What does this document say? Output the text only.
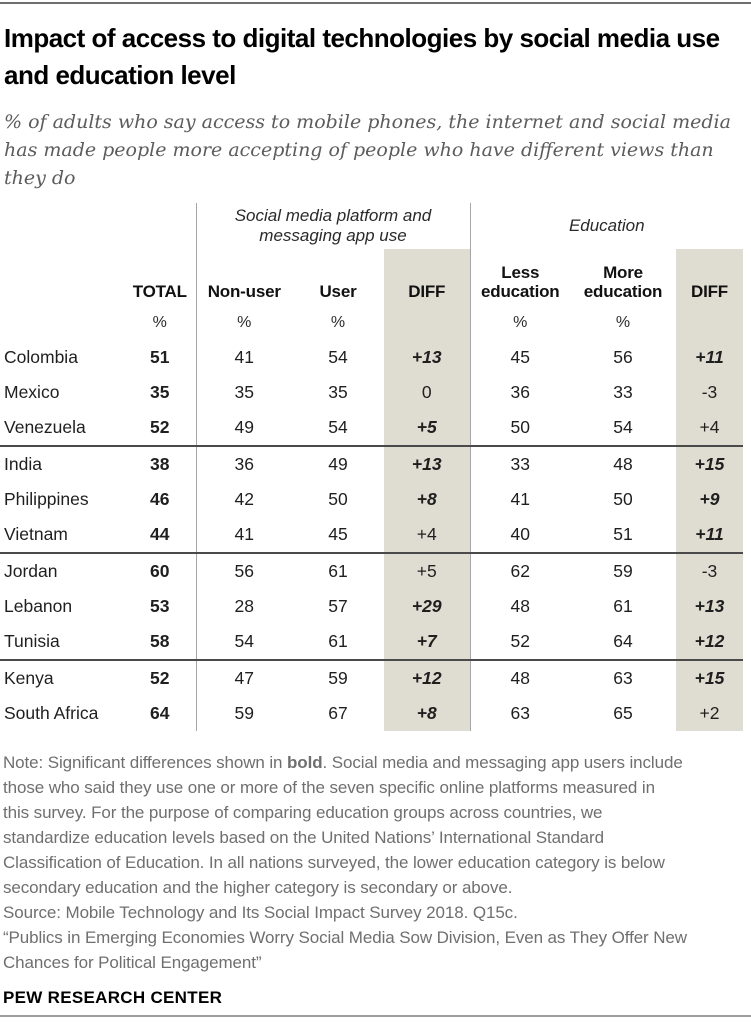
Impact of access to digital technologies by social media use and education level
% of adults who say access to mobile phones, the internet and social media
has made people more accepting of people who have different views than
they do
		Social media platform and messaging app use			Education		
	TOTAL	Non-user	User	DIFF	Less education	More education	DIFF
	%	%	%		%	%	
Colombia	51	41	54	+13	45	56	+11
Mexico	35	35	35	0	36	33	-3
Venezuela	52	49	54	+5	50	54	+4
India	38	36	49	+13	33	48	+15
Philippines	46	42	50	+8	41	50	+9
Vietnam	44	41	45	+4	40	51	+11
Jordan	60	56	61	+5	62	59	-3
Lebanon	53	28	57	+29	48	61	+13
Tunisia	58	54	61	+7	52	64	+12
Kenya	52	47	59	+12	48	63	+15
South Africa	64	59	67	+8	63	65	+2
Note: Significant differences shown in bold. Social media and messaging app users include
those who said they use one or more of the seven specific online platforms measured in
this survey. For the purpose of comparing education groups across countries, we
standardize education levels based on the United Nations’ International Standard
Classification of Education. In all nations surveyed, the lower education category is below
secondary education and the higher category is secondary or above.
Source: Mobile Technology and Its Social Impact Survey 2018. Q15c.
“Publics in Emerging Economies Worry Social Media Sow Division, Even as They Offer New
Chances for Political Engagement”
PEW RESEARCH CENTER
